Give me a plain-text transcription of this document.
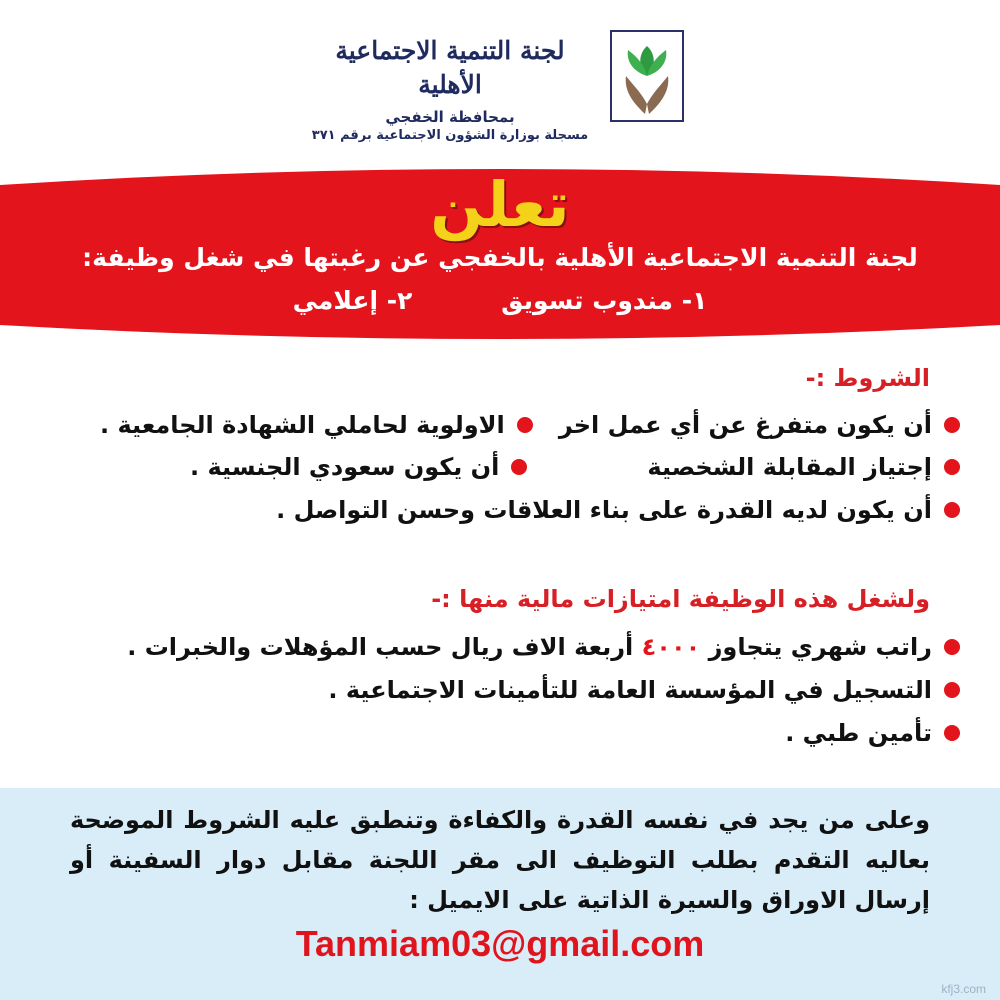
لجنة التنمية الاجتماعية الأهلية
بمحافظة الخفجي
مسجلة بوزارة الشؤون الاجتماعية برقم ٣٧١
تعلن
لجنة التنمية الاجتماعية الأهلية بالخفجي عن رغبتها في شغل وظيفة:
١- مندوب تسويق ٢- إعلامي
الشروط :-
أن يكون متفرغ عن أي عمل اخر
الاولوية لحاملي الشهادة الجامعية .
إجتياز المقابلة الشخصية
أن يكون سعودي الجنسية .
أن يكون لديه القدرة على بناء العلاقات وحسن التواصل .
ولشغل هذه الوظيفة امتيازات مالية منها :-
راتب شهري يتجاوز

٤٠٠٠

أربعة الاف ريال حسب المؤهلات والخبرات .
التسجيل في المؤسسة العامة للتأمينات الاجتماعية .
تأمين طبي .
وعلى من يجد في نفسه القدرة والكفاءة وتنطبق عليه الشروط الموضحة بعاليه التقدم بطلب التوظيف الى مقر اللجنة مقابل دوار السفينة أو إرسال الاوراق والسيرة الذاتية على الايميل :
Tanmiam03@gmail.com
kfj3.com
